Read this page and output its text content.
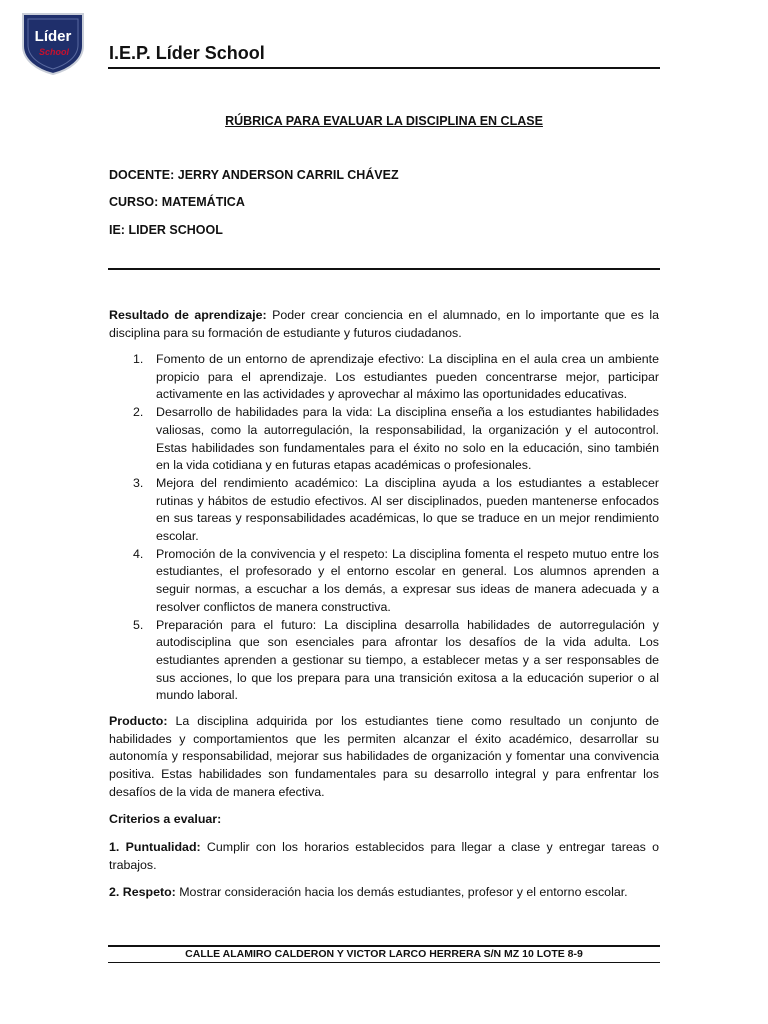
Líder
School I.E.P. Líder School
RÚBRICA PARA EVALUAR LA DISCIPLINA EN CLASE
DOCENTE: JERRY ANDERSON CARRIL CHÁVEZ
CURSO: MATEMÁTICA
IE: LIDER SCHOOL
Resultado de aprendizaje: Poder crear conciencia en el alumnado, en lo importante que es la disciplina para su formación de estudiante y futuros ciudadanos.
1. Fomento de un entorno de aprendizaje efectivo: La disciplina en el aula crea un ambiente propicio para el aprendizaje. Los estudiantes pueden concentrarse mejor, participar activamente en las actividades y aprovechar al máximo las oportunidades educativas.
2. Desarrollo de habilidades para la vida: La disciplina enseña a los estudiantes habilidades valiosas, como la autorregulación, la responsabilidad, la organización y el autocontrol. Estas habilidades son fundamentales para el éxito no solo en la educación, sino también en la vida cotidiana y en futuras etapas académicas o profesionales.
3. Mejora del rendimiento académico: La disciplina ayuda a los estudiantes a establecer rutinas y hábitos de estudio efectivos. Al ser disciplinados, pueden mantenerse enfocados en sus tareas y responsabilidades académicas, lo que se traduce en un mejor rendimiento escolar.
4. Promoción de la convivencia y el respeto: La disciplina fomenta el respeto mutuo entre los estudiantes, el profesorado y el entorno escolar en general. Los alumnos aprenden a seguir normas, a escuchar a los demás, a expresar sus ideas de manera adecuada y a resolver conflictos de manera constructiva.
5. Preparación para el futuro: La disciplina desarrolla habilidades de autorregulación y autodisciplina que son esenciales para afrontar los desafíos de la vida adulta. Los estudiantes aprenden a gestionar su tiempo, a establecer metas y a ser responsables de sus acciones, lo que los prepara para una transición exitosa a la educación superior o al mundo laboral.
Producto: La disciplina adquirida por los estudiantes tiene como resultado un conjunto de habilidades y comportamientos que les permiten alcanzar el éxito académico, desarrollar su autonomía y responsabilidad, mejorar sus habilidades de organización y fomentar una convivencia positiva. Estas habilidades son fundamentales para su desarrollo integral y para enfrentar los desafíos de la vida de manera efectiva.
Criterios a evaluar:
1. Puntualidad: Cumplir con los horarios establecidos para llegar a clase y entregar tareas o trabajos.
2. Respeto: Mostrar consideración hacia los demás estudiantes, profesor y el entorno escolar.
CALLE ALAMIRO CALDERON Y VICTOR LARCO HERRERA S/N MZ 10 LOTE 8-9
